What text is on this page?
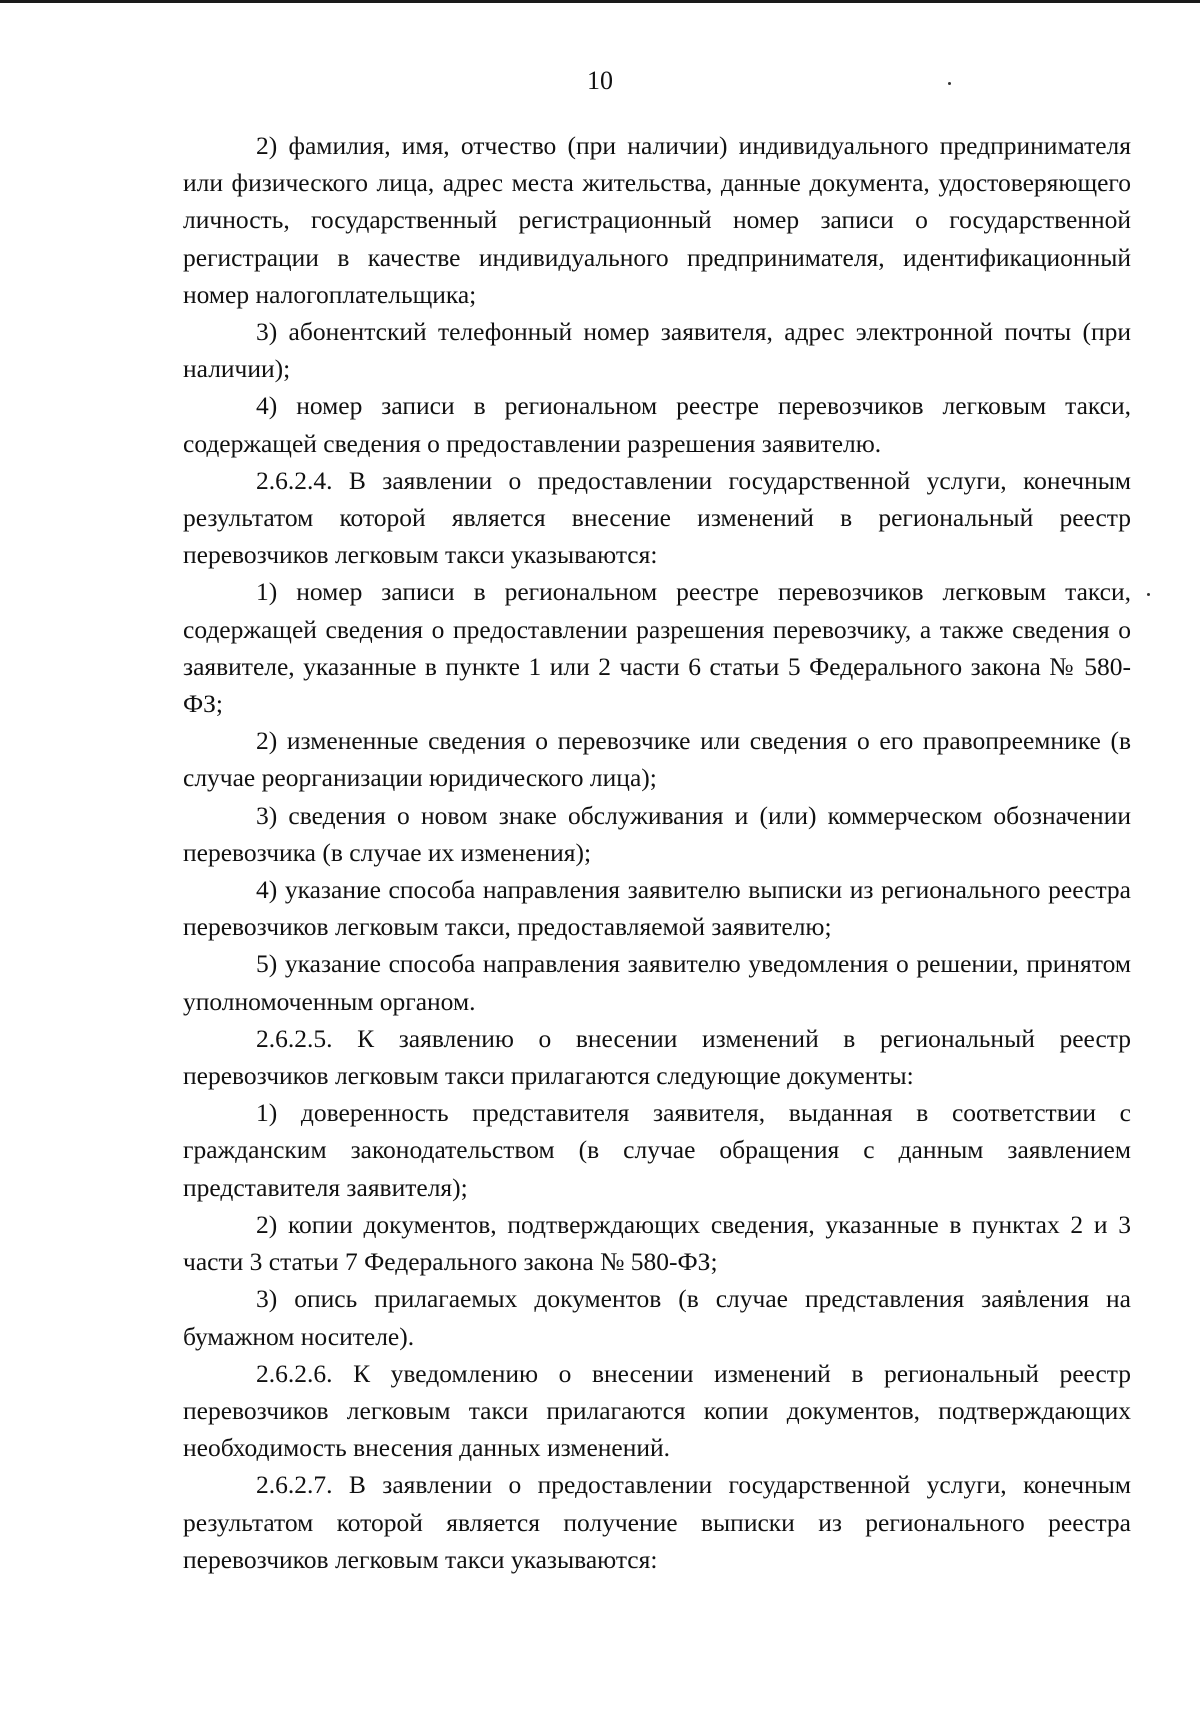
10

2) фамилия, имя, отчество (при наличии) индивидуального предпринимателя или физического лица, адрес места жительства, данные документа, удостоверяющего личность, государственный регистрационный номер записи о государственной регистрации в качестве индивидуального предпринимателя, идентификационный номер налогоплательщика;

3) абонентский телефонный номер заявителя, адрес электронной почты (при наличии);

4) номер записи в региональном реестре перевозчиков легковым такси, содержащей сведения о предоставлении разрешения заявителю.

2.6.2.4. В заявлении о предоставлении государственной услуги, конечным результатом которой является внесение изменений в региональный реестр перевозчиков легковым такси указываются:

1) номер записи в региональном реестре перевозчиков легковым такси, содержащей сведения о предоставлении разрешения перевозчику, а также сведения о заявителе, указанные в пункте 1 или 2 части 6 статьи 5 Федерального закона № 580-ФЗ;

2) измененные сведения о перевозчике или сведения о его правопреемнике (в случае реорганизации юридического лица);

3) сведения о новом знаке обслуживания и (или) коммерческом обозначении перевозчика (в случае их изменения);

4) указание способа направления заявителю выписки из регионального реестра перевозчиков легковым такси, предоставляемой заявителю;

5) указание способа направления заявителю уведомления о решении, принятом уполномоченным органом.

2.6.2.5. К заявлению о внесении изменений в региональный реестр перевозчиков легковым такси прилагаются следующие документы:

1) доверенность представителя заявителя, выданная в соответствии с гражданским законодательством (в случае обращения с данным заявлением представителя заявителя);

2) копии документов, подтверждающих сведения, указанные в пунктах 2 и 3 части 3 статьи 7 Федерального закона № 580-ФЗ;

3) опись прилагаемых документов (в случае представления заявления на бумажном носителе).

2.6.2.6. К уведомлению о внесении изменений в региональный реестр перевозчиков легковым такси прилагаются копии документов, подтверждающих необходимость внесения данных изменений.

2.6.2.7. В заявлении о предоставлении государственной услуги, конечным результатом которой является получение выписки из регионального реестра перевозчиков легковым такси указываются:
